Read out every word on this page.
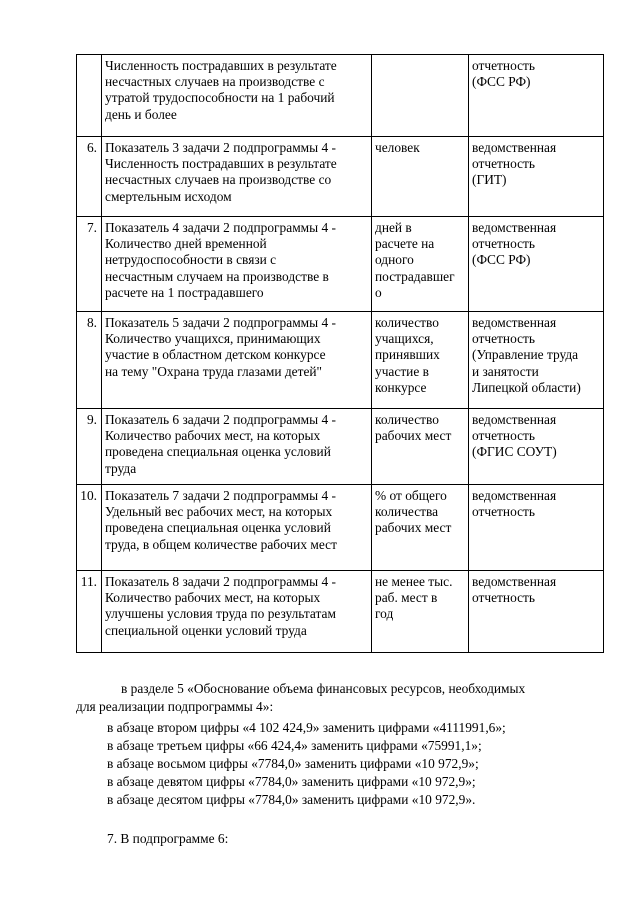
	Численность пострадавших в результате
несчастных случаев на производстве с
утратой трудоспособности на 1 рабочий
день и более		отчетность
(ФСС РФ)

6.	Показатель 3 задачи 2 подпрограммы 4 -
Численность пострадавших в результате
несчастных случаев на производстве со
смертельным исходом	человек	ведомственная
отчетность
(ГИТ)

7.	Показатель 4 задачи 2 подпрограммы 4 -
Количество дней временной
нетрудоспособности в связи с
несчастным случаем на производстве в
расчете на 1 пострадавшего	дней в
расчете на
одного
пострадавшег
о	ведомственная
отчетность
(ФСС РФ)

8.	Показатель 5 задачи 2 подпрограммы 4 -
Количество учащихся, принимающих
участие в областном детском конкурсе
на тему "Охрана труда глазами детей"	количество
учащихся,
принявших
участие в
конкурсе	ведомственная
отчетность
(Управление труда
и занятости
Липецкой области)

9.	Показатель 6 задачи 2 подпрограммы 4 -
Количество рабочих мест, на которых
проведена специальная оценка условий
труда	количество
рабочих мест	ведомственная
отчетность
(ФГИС СОУТ)

10.	Показатель 7 задачи 2 подпрограммы 4 -
Удельный вес рабочих мест, на которых
проведена специальная оценка условий
труда, в общем количестве рабочих мест	% от общего
количества
рабочих мест	ведомственная
отчетность

11.	Показатель 8 задачи 2 подпрограммы 4 -
Количество рабочих мест, на которых
улучшены условия труда по результатам
специальной оценки условий труда	не менее тыс.
раб. мест в
год	ведомственная
отчетность

в разделе 5 «Обоснование объема финансовых ресурсов, необходимых

для реализации подпрограммы 4»:

в абзаце втором цифры «4 102 424,9» заменить цифрами «4111991,6»;

в абзаце третьем цифры «66 424,4» заменить цифрами «75991,1»;

в абзаце восьмом цифры «7784,0» заменить цифрами «10 972,9»;

в абзаце девятом цифры «7784,0» заменить цифрами «10 972,9»;

в абзаце десятом цифры «7784,0» заменить цифрами «10 972,9».

7. В подпрограмме 6:
